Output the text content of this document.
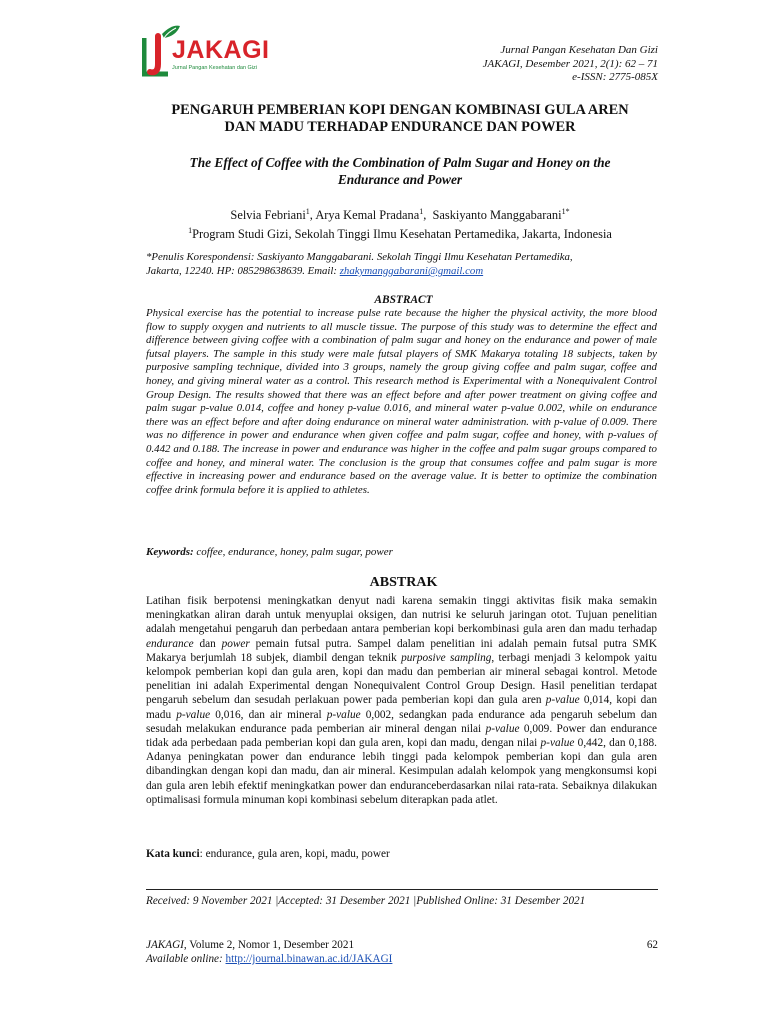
JAKAGI
Jurnal Pangan Kesehatan dan Gizi
Jurnal Pangan Kesehatan Dan Gizi
JAKAGI, Desember 2021, 2(1): 62 – 71
e-ISSN: 2775-085X
PENGARUH PEMBERIAN KOPI DENGAN KOMBINASI GULA AREN
DAN MADU TERHADAP ENDURANCE DAN POWER
The Effect of Coffee with the Combination of Palm Sugar and Honey on the
Endurance and Power
Selvia Febriani$^1$, Arya Kemal Pradana$^1$,  Saskiyanto Manggabarani$^{1*}$
$^1$Program Studi Gizi, Sekolah Tinggi Ilmu Kesehatan Pertamedika, Jakarta, Indonesia
*Penulis Korespondensi: Saskiyanto Manggabarani. Sekolah Tinggi Ilmu Kesehatan Pertamedika,
Jakarta, 12240. HP: 085298638639. Email: zhakymanggabarani@gmail.com
ABSTRACT
Physical exercise has the potential to increase pulse rate because the higher the physical activity, the more blood flow to supply oxygen and nutrients to all muscle tissue. The purpose of this study was to determine the effect and difference between giving coffee with a combination of palm sugar and honey on the endurance and power of male futsal players. The sample in this study were male futsal players of SMK Makarya totaling 18 subjects, taken by purposive sampling technique, divided into 3 groups, namely the group giving coffee and palm sugar, coffee and honey, and giving mineral water as a control. This research method is Experimental with a Nonequivalent Control Group Design. The results showed that there was an effect before and after power treatment on giving coffee and palm sugar p-value 0.014, coffee and honey p-value 0.016, and mineral water p-value 0.002, while on endurance there was an effect before and after doing endurance on mineral water administration. with p-value of 0.009. There was no difference in power and endurance when given coffee and palm sugar, coffee and honey, with p-values of 0.442 and 0.188. The increase in power and endurance was higher in the coffee and palm sugar groups compared to coffee and honey, and mineral water. The conclusion is the group that consumes coffee and palm sugar is more effective in increasing power and endurance based on the average value. It is better to optimize the combination coffee drink formula before it is applied to athletes.
Keywords: coffee, endurance, honey, palm sugar, power
ABSTRAK
Latihan fisik berpotensi meningkatkan denyut nadi karena semakin tinggi aktivitas fisik maka semakin meningkatkan aliran darah untuk menyuplai oksigen, dan nutrisi ke seluruh jaringan otot. Tujuan penelitian adalah mengetahui pengaruh dan perbedaan antara pemberian kopi berkombinasi gula aren dan madu terhadap endurance dan power pemain futsal putra. Sampel dalam penelitian ini adalah pemain futsal putra SMK Makarya berjumlah 18 subjek, diambil dengan teknik purposive sampling, terbagi menjadi 3 kelompok yaitu kelompok pemberian kopi dan gula aren, kopi dan madu dan pemberian air mineral sebagai kontrol. Metode penelitian ini adalah Experimental dengan Nonequivalent Control Group Design. Hasil penelitian terdapat pengaruh sebelum dan sesudah perlakuan power pada pemberian kopi dan gula aren p-value 0,014, kopi dan madu p-value 0,016, dan air mineral p-value 0,002, sedangkan pada endurance ada pengaruh sebelum dan sesudah melakukan endurance pada pemberian air mineral dengan nilai p-value 0,009. Power dan endurance tidak ada perbedaan pada pemberian kopi dan gula aren, kopi dan madu, dengan nilai p-value 0,442, dan 0,188. Adanya peningkatan power dan endurance lebih tinggi pada kelompok pemberian kopi dan gula aren dibandingkan dengan kopi dan madu, dan air mineral. Kesimpulan adalah kelompok yang mengkonsumsi kopi dan gula aren lebih efektif meningkatkan power dan enduranceberdasarkan nilai rata-rata. Sebaiknya dilakukan optimalisasi formula minuman kopi kombinasi sebelum diterapkan pada atlet.
Kata kunci: endurance, gula aren, kopi, madu, power
Received: 9 November 2021 |Accepted: 31 Desember 2021 |Published Online: 31 Desember 2021
JAKAGI, Volume 2, Nomor 1, Desember 2021
Available online: http://journal.binawan.ac.id/JAKAGI
62
